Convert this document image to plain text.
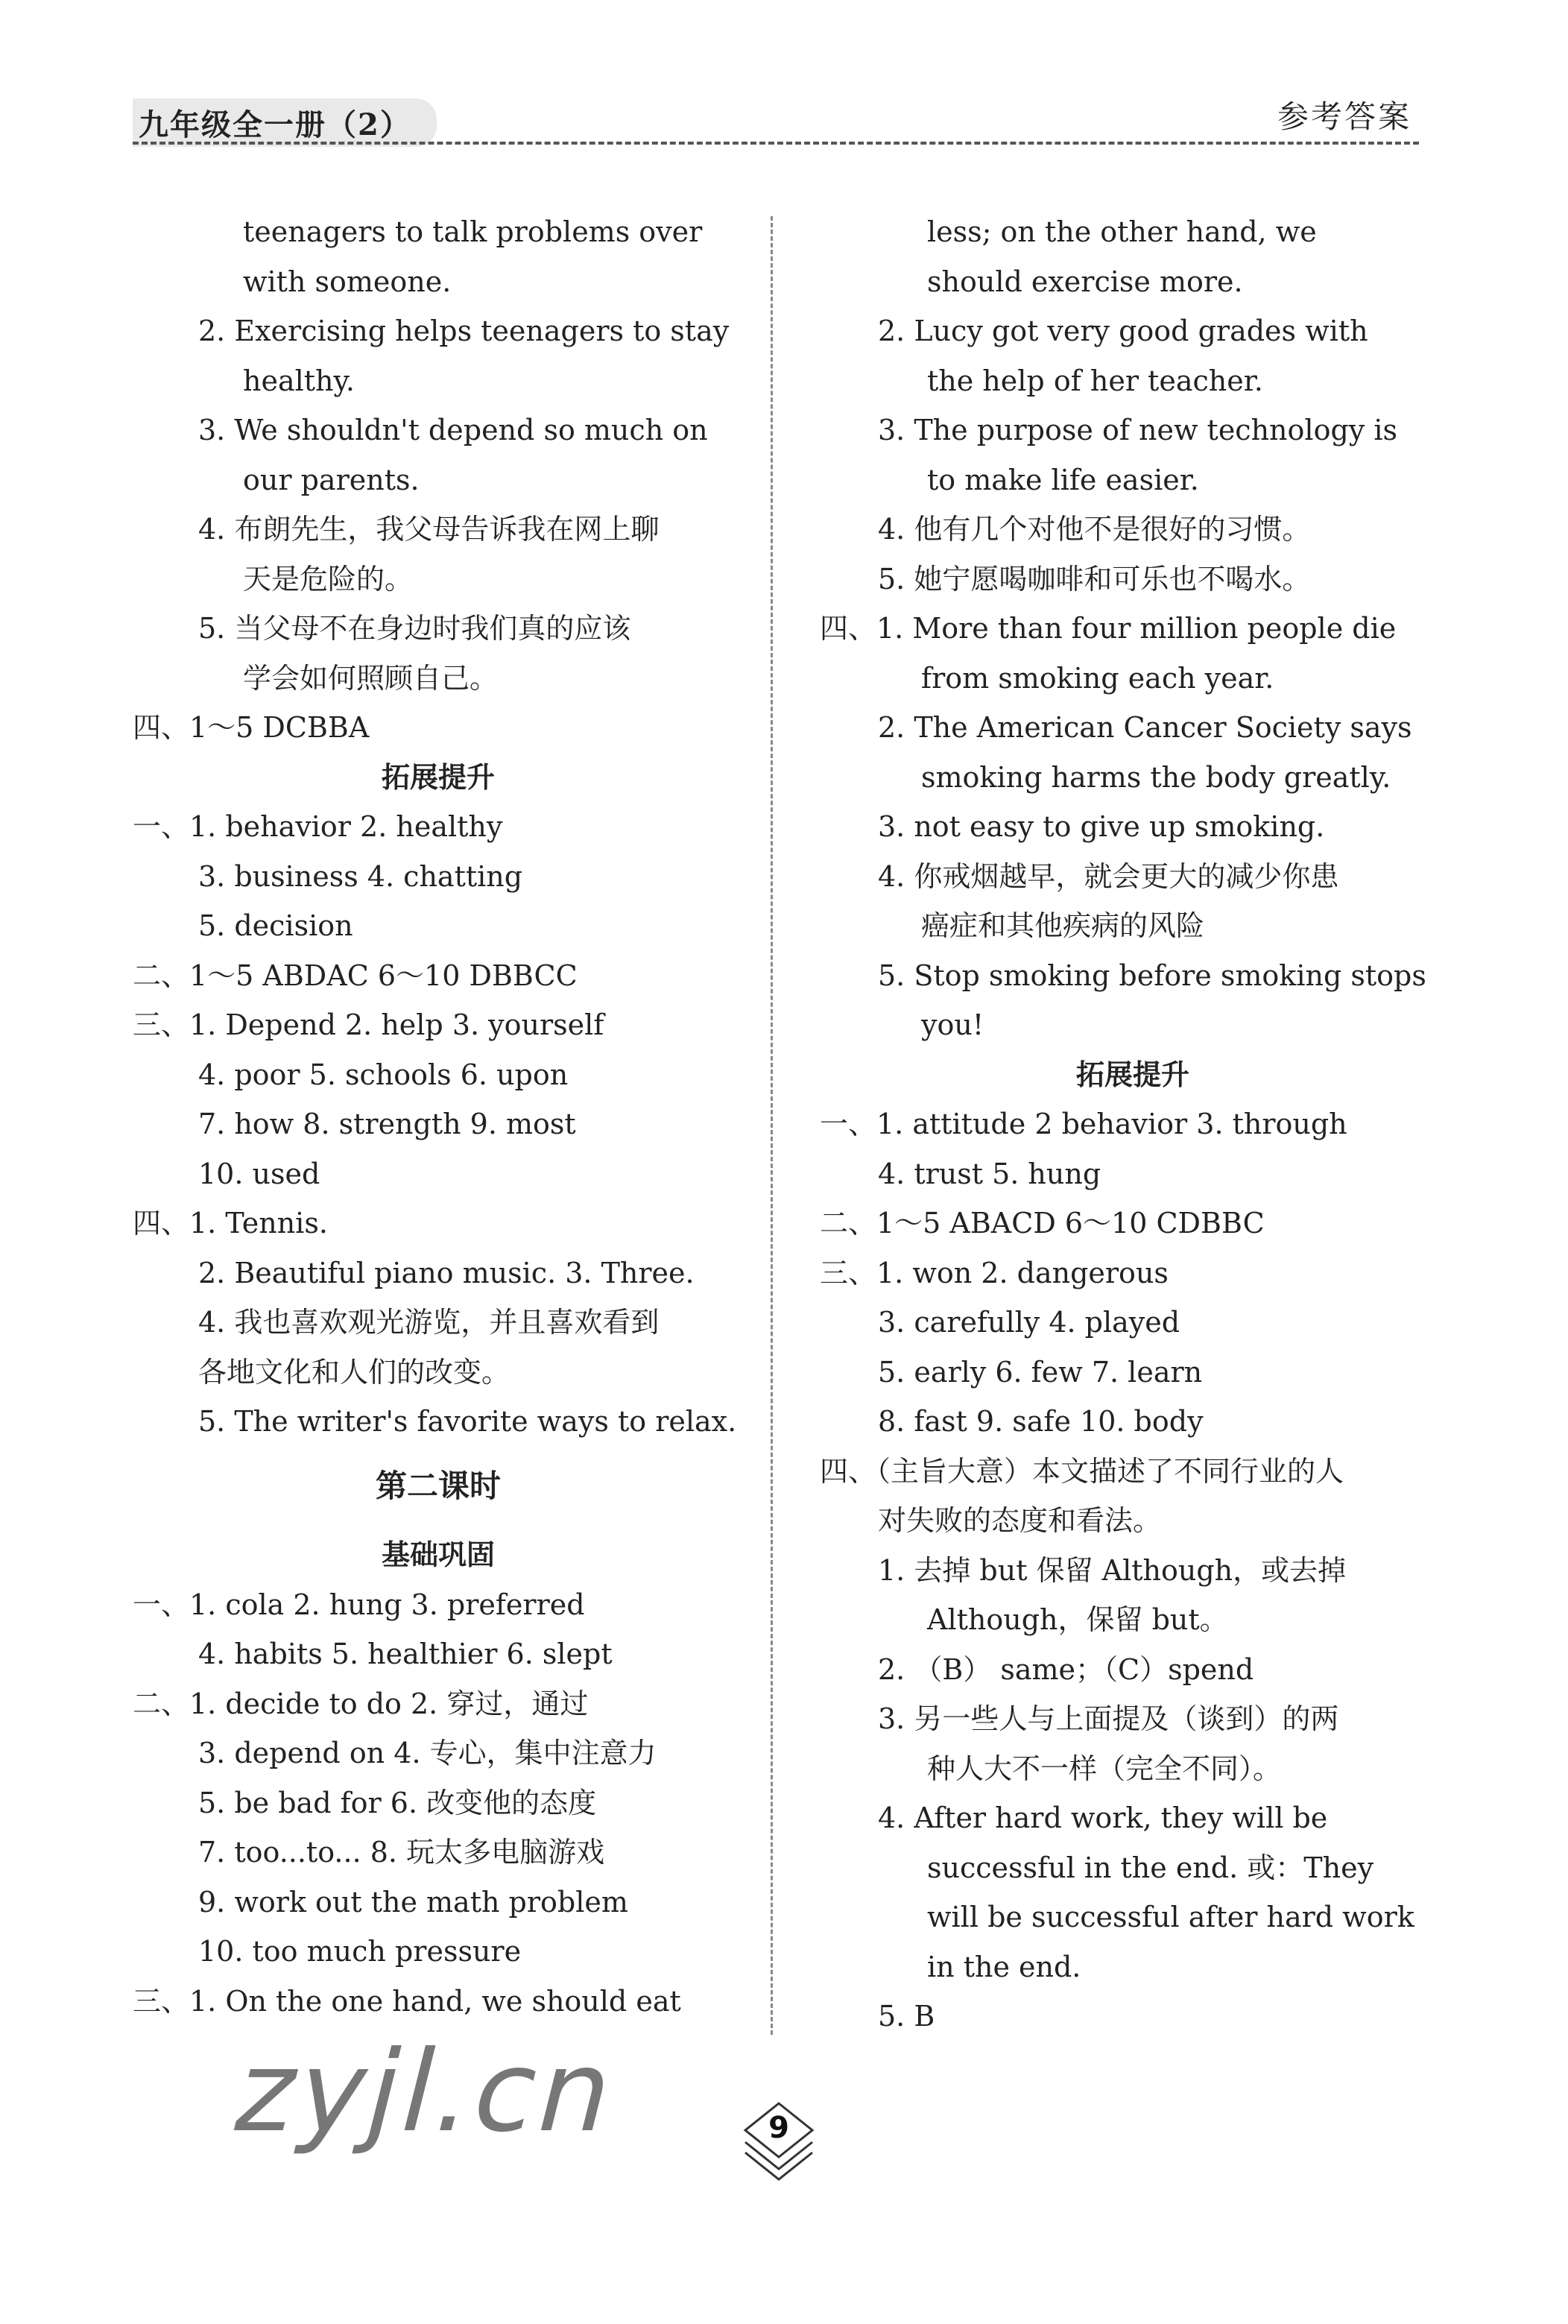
九年级全一册（2）	参考答案
teenagers to talk problems over
with someone.
2. Exercising helps teenagers to stay
healthy.
3. We shouldn't depend so much on
our parents.
4. 布朗先生，我父母告诉我在网上聊
天是危险的。
5. 当父母不在身边时我们真的应该
学会如何照顾自己。
四、1～5 DCBBA
拓展提升
一、1. behavior 2. healthy
3. business 4. chatting
5. decision
二、1～5 ABDAC 6～10 DBBCC
三、1. Depend 2. help 3. yourself
4. poor 5. schools 6. upon
7. how 8. strength 9. most
10. used
四、1. Tennis.
2. Beautiful piano music. 3. Three.
4. 我也喜欢观光游览，并且喜欢看到
各地文化和人们的改变。
5. The writer's favorite ways to relax.
第二课时
基础巩固
一、1. cola 2. hung 3. preferred
4. habits 5. healthier 6. slept
二、1. decide to do 2. 穿过，通过
3. depend on 4. 专心，集中注意力
5. be bad for 6. 改变他的态度
7. too...to... 8. 玩太多电脑游戏
9. work out the math problem
10. too much pressure
三、1. On the one hand, we should eat
less; on the other hand, we
should exercise more.
2. Lucy got very good grades with
the help of her teacher.
3. The purpose of new technology is
to make life easier.
4. 他有几个对他不是很好的习惯。
5. 她宁愿喝咖啡和可乐也不喝水。
四、1. More than four million people die
from smoking each year.
2. The American Cancer Society says
smoking harms the body greatly.
3. not easy to give up smoking.
4. 你戒烟越早，就会更大的减少你患
癌症和其他疾病的风险
5. Stop smoking before smoking stops
you!
拓展提升
一、1. attitude 2 behavior 3. through
4. trust 5. hung
二、1～5 ABACD 6～10 CDBBC
三、1. won 2. dangerous
3. carefully 4. played
5. early 6. few 7. learn
8. fast 9. safe 10. body
四、（主旨大意）本文描述了不同行业的人
对失败的态度和看法。
1. 去掉 but 保留 Although，或去掉
Although，保留 but。
2. （B） same；（C）spend
3. 另一些人与上面提及（谈到）的两
种人大不一样（完全不同）。
4. After hard work, they will be
successful in the end. 或：They
will be successful after hard work
in the end.
5. B
zyjl.cn	9
